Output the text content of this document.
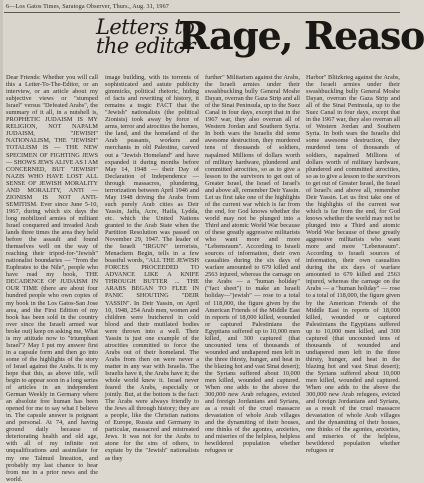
6—Los Gatos Times, Saratoga Observer, Thurs., Aug. 31, 1967
Letters to
the editor
Rage, Reaso

Dear Friends: Whether you will call this a Letter-To-The-Editor, or an interview, or an article about my subjective views or "stumped Israel" versus "Defeated Arabs", the summary of it all, in a nutshell is, PROPHETIC JUDAISM IS MY RELIGION, NOT NAPALM JUDAISM, "JEWISH" NATIONALISM, THE "JEWISH" TOTALISM IS — THE NEW SPECIMEN OF FIGHTING JEWS — SHOWS JEWS ALIVE AS I AM CONCERNED, BUT "JEWISH" NAZIS WHO HAVE LOST ALL SENSE OF JEWISH MORALITY AND MORALITY, ANTI — ZIONISM IS NOT ANTI-SEMITISM. Ever since June 5-10, 1967, during which six days the long mobilized armies of militant Israel conquered and invaded Arab lands three times the area they held before the assault and found themselves well on the way of reaching their tripod-for-"Jewish" nationalist boundaries — "from the Euphrates to the Nile", people who have read my book, THE DECADENCE OF JUDAISM IN OUR TIME (there are about four hundred people who own copies of my book in the Los Gatos-San Jose area, and the First Edition of my book has been sold in the country over since the Israeli armed war broke out) keep on asking me, What is my attitude now to "triumphant Israel"? May I put my answer first in a capsule form and then go into some of the highlights of the story of Israel against the Arabs. It is my hope that this, as above title, will begin to appear soon in a long series of articles in an independent German Weekly in Germany where an absolute free human has been opened for me to say what I believe in. The capsule answer is poignant and personal. At 74, and having ground daily because of deteriorating health and old age, with all of my infinite not unqualifications and assimilate for my one Talmud lineation, and probably my last chance to hear from me in a prior news and the world.

image building, with its torrents of sophisticated and astute publicity gimmicks, political rhetoric, hiding of facts and rewriting of history, it remains a tragic FACT that the "Jewish" nationalists (the political Zionists) took away by force of arms, terror and atrocities the homes, the land, and the homeland of the Arab peasants, workers and merchants in old Palestine, carved out a "Jewish Homeland" and have expanded it during months before May 14, 1948 — their Day of Declaration of Independence — through massacres, plundering, terrorization between April 1946 and May 1948 driving the Arabs from such purely Arab cities as Deir Yassin, Jaffa, Acre, Haifa, Lydda, etc. which the United Nations granted to the Arab State when the Partition Resolution was passed on November 29, 1947. The leader of the Israeli "IRGUN" terrorists, Menachem Begin, tells in a few boastful words, "ALL THE JEWISH FORCES PROCEEDED TO ADVANCE LIKE A KNIFE THROUGH BUTTER ... THE ARABS BEGAN TO FLEE IN PANIC SHOUTING "DEIR YASSIN". In Deir Yassin, on April 10, 1948, 254 Arab men, women and children were butchered in cold blood and their mutilated bodies were thrown into a well. Their Yassin is just one example of the atrocities committed to force the Arabs out of their homeland. The Arabs from then on were never a matter in any war with Israelis. The Israelis have it, the Arabs have it; the whole world knew it. Israel never feared the Arabs, especially or jointly. But, at the bottom is the fact: The Arabs were always friendly to the Jews all through history; they are a people, like the Christian nations of Europe, Russia and Germany in particular, massacred and mistreated Jews. It was not for the Arabs to atone for the sins of others, to expiate by the "Jewish" nationalists as they

further" Militarism against the Arabs, the Israeli armies under their swashbuckling bully General Moshe Dayan, overran the Gaza Strip and all of the Sinai Peninsula, up to the Suez Canal in four days, except that in the 1967 war, they also overran all of Western Jordan and Southern Syria. In both wars the Israelis did some awesome destruction, they murdered tens of thousands of soldiers, napalmed Millions of dollars worth of military hardware, plundered and committed atrocities, so as to give a lesson to the survivors to get out of Greater Israel, the Israel of Israel's and above all, remember Deir Yassin. Let us first take one of the highlights of the current war which is far from the end, for God knows whether the world may not be plunged into a Third and atomic World War because of these greatly aggressive militarists who want more and more "Lebensraum". According to Israeli sources of information, their own casualties during the six days of warfare amounted to 679 killed and 2563 injured, whereas the carnage on the Arabs — a "human holiday" ("fact sheet") to make an Israeli holiday—"jewish" — rose to a total of 118,000, the figure given by the American Friends of the Middle East in reports of 18,000 killed, wounded or captured Palestinians the Egyptians suffered up to 10,000 men killed, and 300 captured (that uncounted tens of thousands of wounded and undiapered men left in the three thirsty, hunger, and heat in the blazing hot and vast Sinai desert); the Syrians suffered about 10,000 men killed, wounded and captured. When one adds to the above the 300,000 new Arab refugees, evicted and foreign Jordanians and Syrians, as a result of the cruel massacre devastation of whole Arab villages and the dynamiting of their houses, one thinks of the agonies, anxieties, and miseries of the helpless, helpless bewildered population whether refugees or

Harbor" Blitzkrieg against the Arabs, the Israeli armies under their swashbuckling bully General Moshe Dayan, overran the Gaza Strip and all of the Sinai Peninsula, up to the Suez Canal in four days, except that in the 1967 war, they also overran all of Western Jordan and Southern Syria. In both wars the Israelis did some awesome destruction, they murdered tens of thousands of soldiers, napalmed Millions of dollars worth of military hardware, plundered and committed atrocities, so as to give a lesson to the survivors to get out of Greater Israel, the Israel of Israel's and above all, remember Deir Yassin. Let us first take one of the highlights of the current war which is far from the end, for God knows whether the world may not be plunged into a Third and atomic World War because of these greatly aggressive militarists who want more and more "Lebensraum". According to Israeli sources of information, their own casualties during the six days of warfare amounted to 679 killed and 2563 injured, whereas the carnage on the Arabs — a "human holiday" — rose to a total of 118,000, the figure given by the American Friends of the Middle East in reports of 18,000 killed, wounded or captured Palestinians the Egyptians suffered up to 10,000 men killed, and 300 captured (that uncounted tens of thousands of wounded and undiapered men left in the three thirsty, hunger, and heat in the blazing hot and vast Sinai desert); the Syrians suffered about 10,000 men killed, wounded and captured. When one adds to the above the 300,000 new Arab refugees, evicted and foreign Jordanians and Syrians, as a result of the cruel massacre devastation of whole Arab villages and the dynamiting of their houses, one thinks of the agonies, anxieties, and miseries of the helpless, bewildered population whether refugees or
